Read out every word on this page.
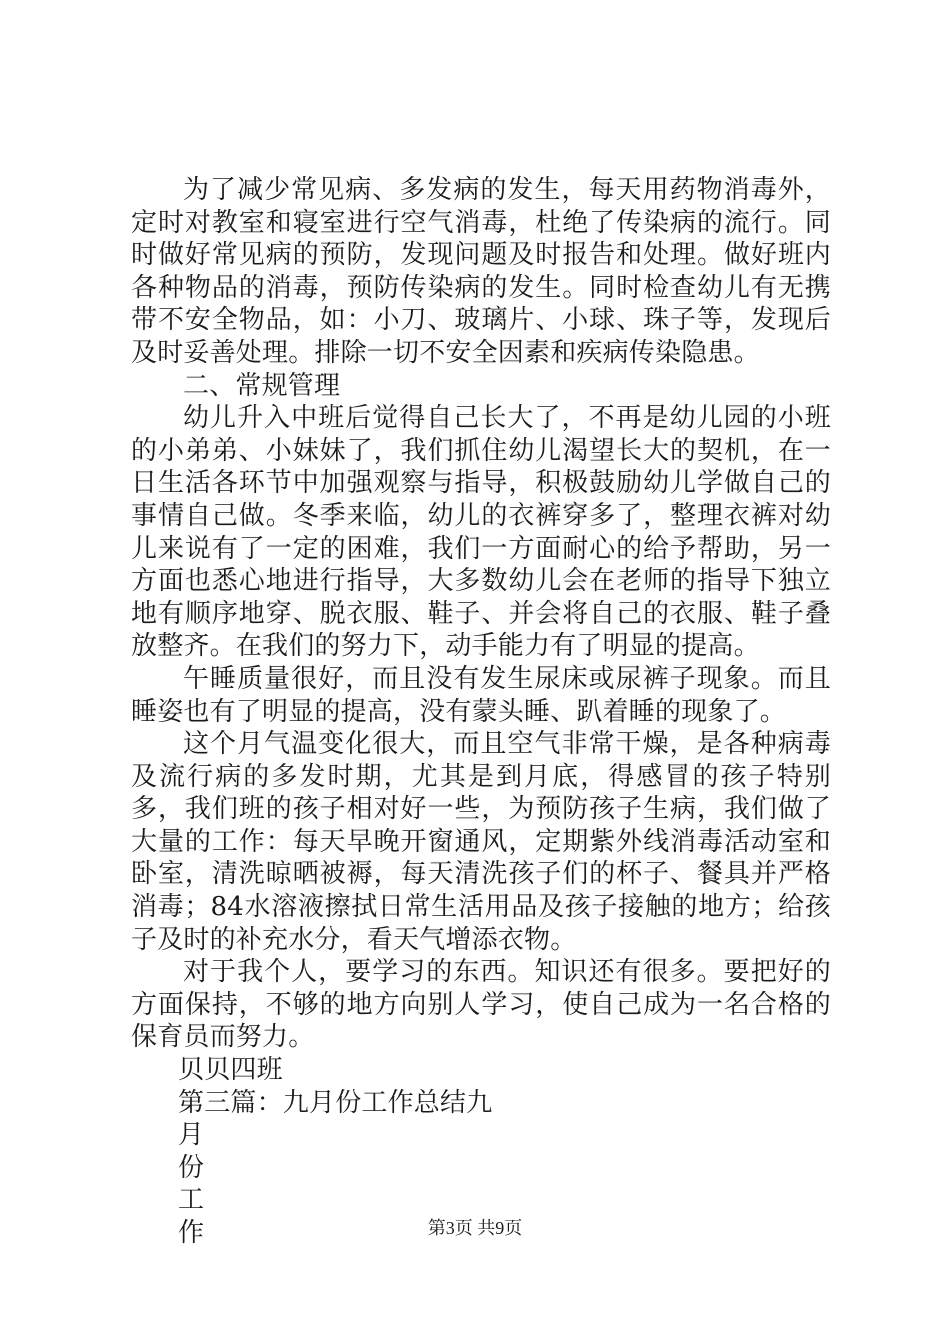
为了减少常见病、多发病的发生，每天用药物消毒外，定时对教室和寝室进行空气消毒，杜绝了传染病的流行。同时做好常见病的预防，发现问题及时报告和处理。做好班内各种物品的消毒，预防传染病的发生。同时检查幼儿有无携带不安全物品，如：小刀、玻璃片、小球、珠子等，发现后及时妥善处理。排除一切不安全因素和疾病传染隐患。

二、常规管理

幼儿升入中班后觉得自己长大了，不再是幼儿园的小班的小弟弟、小妹妹了，我们抓住幼儿渴望长大的契机，在一日生活各环节中加强观察与指导，积极鼓励幼儿学做自己的事情自己做。冬季来临，幼儿的衣裤穿多了，整理衣裤对幼儿来说有了一定的困难，我们一方面耐心的给予帮助，另一方面也悉心地进行指导，大多数幼儿会在老师的指导下独立地有顺序地穿、脱衣服、鞋子、并会将自己的衣服、鞋子叠放整齐。在我们的努力下，动手能力有了明显的提高。

午睡质量很好，而且没有发生尿床或尿裤子现象。而且睡姿也有了明显的提高，没有蒙头睡、趴着睡的现象了。

这个月气温变化很大，而且空气非常干燥，是各种病毒及流行病的多发时期，尤其是到月底，得感冒的孩子特别多，我们班的孩子相对好一些，为预防孩子生病，我们做了大量的工作：每天早晚开窗通风，定期紫外线消毒活动室和卧室，清洗晾晒被褥，每天清洗孩子们的杯子、餐具并严格消毒；84水溶液擦拭日常生活用品及孩子接触的地方；给孩子及时的补充水分，看天气增添衣物。

对于我个人，要学习的东西。知识还有很多。要把好的方面保持，不够的地方向别人学习，使自己成为一名合格的保育员而努力。

贝贝四班

第三篇：九月份工作总结九

月

份

工

作	第3页 共9页
